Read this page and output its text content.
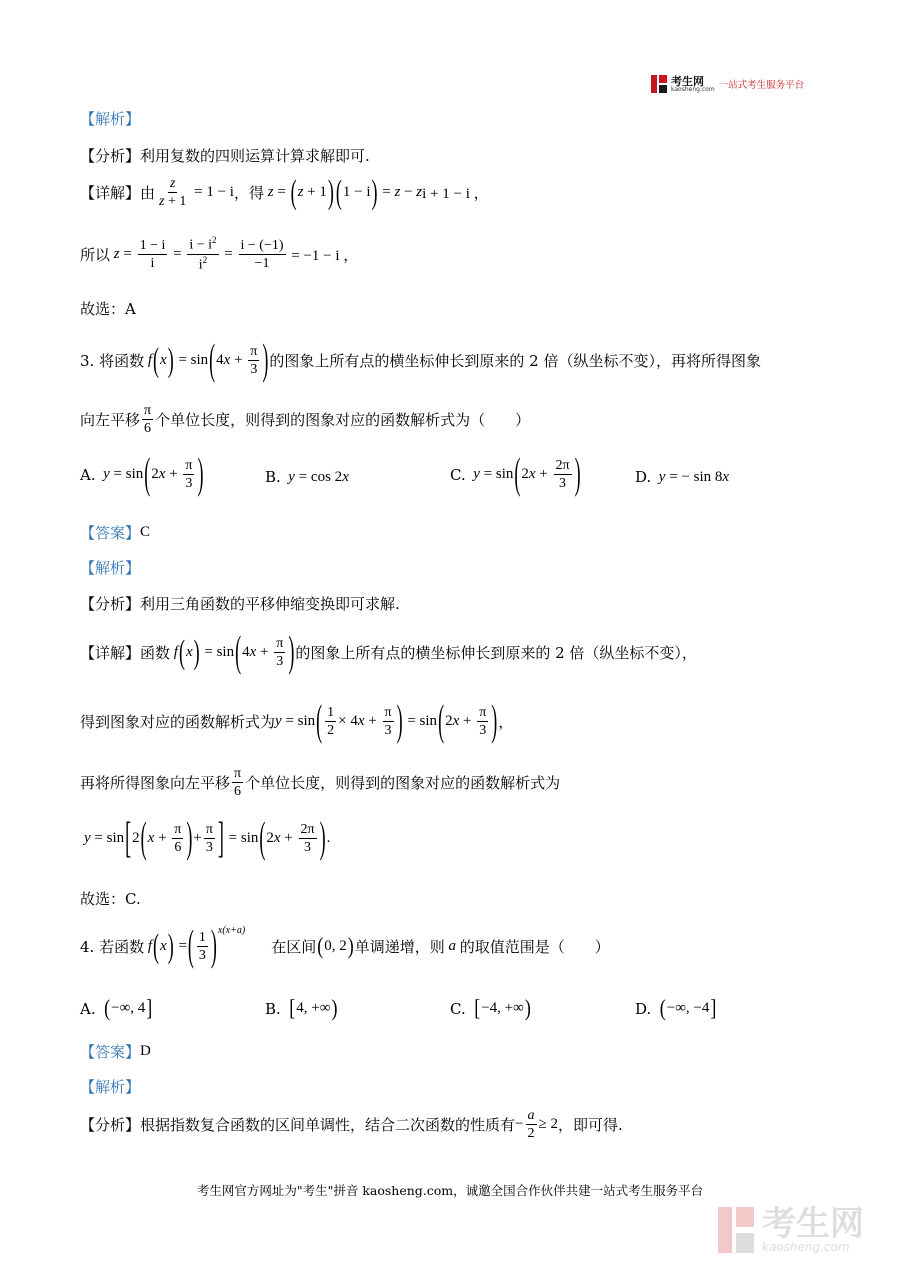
考生网
kaosheng.com 一站式考生服务平台
【解析】
【分析】 利用复数的四则运算计算求解即可.
【详解】 由 $\frac{z}{z + 1} = 1 - i$ ，得 z = ( z + 1 ) ( 1 − i ) = z − z i + 1 − i ，
所以 $z = \frac{1 - i}{i} = \frac{i - i^2}{i^2} = \frac{i - (-1)}{-1} = -1 - i$ ，
故选：A
3. 将函数 f ( x ) = sin ( 4 $x + \frac{\pi}{3}$ ) 的图象上所有点的横坐标伸长到原来的 2 倍（纵坐标不变），再将所得图象
向左平移 $\frac{\pi}{6}$ 个单位长度，则得到的图象对应的函数解析式为（　　）
A. y = sin ( 2 $x + \frac{\pi}{3}$ )	B. y = cos 2 x	C. y = sin ( 2 $x + \frac{2\pi}{3}$ )	D. y = − sin 8 x
【答案】 C
【解析】
【分析】 利用三角函数的平移伸缩变换即可求解.
【详解】 函数 f ( x ) = sin ( 4 $x + \frac{\pi}{3}$ ) 的图象上所有点的横坐标伸长到原来的 2 倍（纵坐标不变），
得到图象对应的函数解析式为 y = sin ( $\frac{1}{2} \times 4$ $x + \frac{\pi}{3}$ ) = sin ( 2 $x + \frac{\pi}{3}$ ) ，
再将所得图象向左平移 $\frac{\pi}{6}$ 个单位长度，则得到的图象对应的函数解析式为
y = sin [ 2 ( $x + \frac{\pi}{6}$ ) + $\frac{\pi}{3}$ ] = sin ( 2 $x + \frac{2\pi}{3}$ ) .
故选：C.
4. 若函数 f ( x ) = ( $\frac{1}{3}$ ) x(x+a)
在区间 ( 0, 2 ) 单调递增，则 a 的取值范围是（　　）
A.
( −∞, 4 ]	B.
[ 4, +∞ )	C.
[ −4, +∞ )	D.
( −∞, −4 ]
【答案】 D
【解析】
【分析】 根据指数复合函数的区间单调性，结合二次函数的性质有 − $\frac{a}{2} \ge 2$ ，即可得.
考生网官方网址为"考生"拼音 kaosheng.com，诚邀全国合作伙伴共建一站式考生服务平台
考生网
kaosheng.com
